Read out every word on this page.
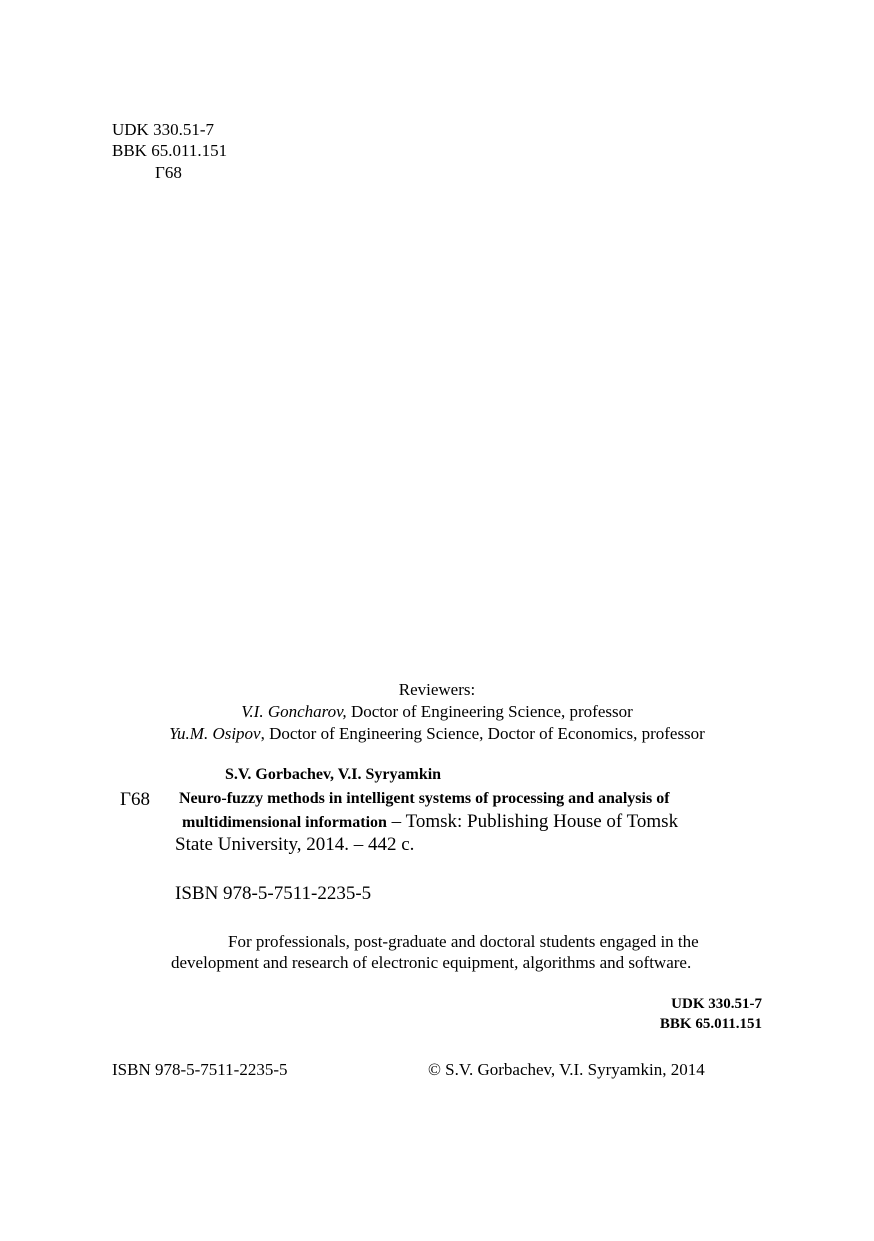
UDK 330.51-7
BBK 65.011.151
Г68
Reviewers:
V.I. Goncharov, Doctor of Engineering Science, professor
Yu.M. Osipov, Doctor of Engineering Science, Doctor of Economics, professor
S.V. Gorbachev, V.I. Syryamkin
Г68 Neuro-fuzzy methods in intelligent systems of processing and analysis of
multidimensional information – Tomsk: Publishing House of Tomsk
State University, 2014. – 442 c.
ISBN 978-5-7511-2235-5
For professionals, post-graduate and doctoral students engaged in the
development and research of electronic equipment, algorithms and software.
UDK 330.51-7
BBK 65.011.151
ISBN 978-5-7511-2235-5	© S.V. Gorbachev, V.I. Syryamkin, 2014
